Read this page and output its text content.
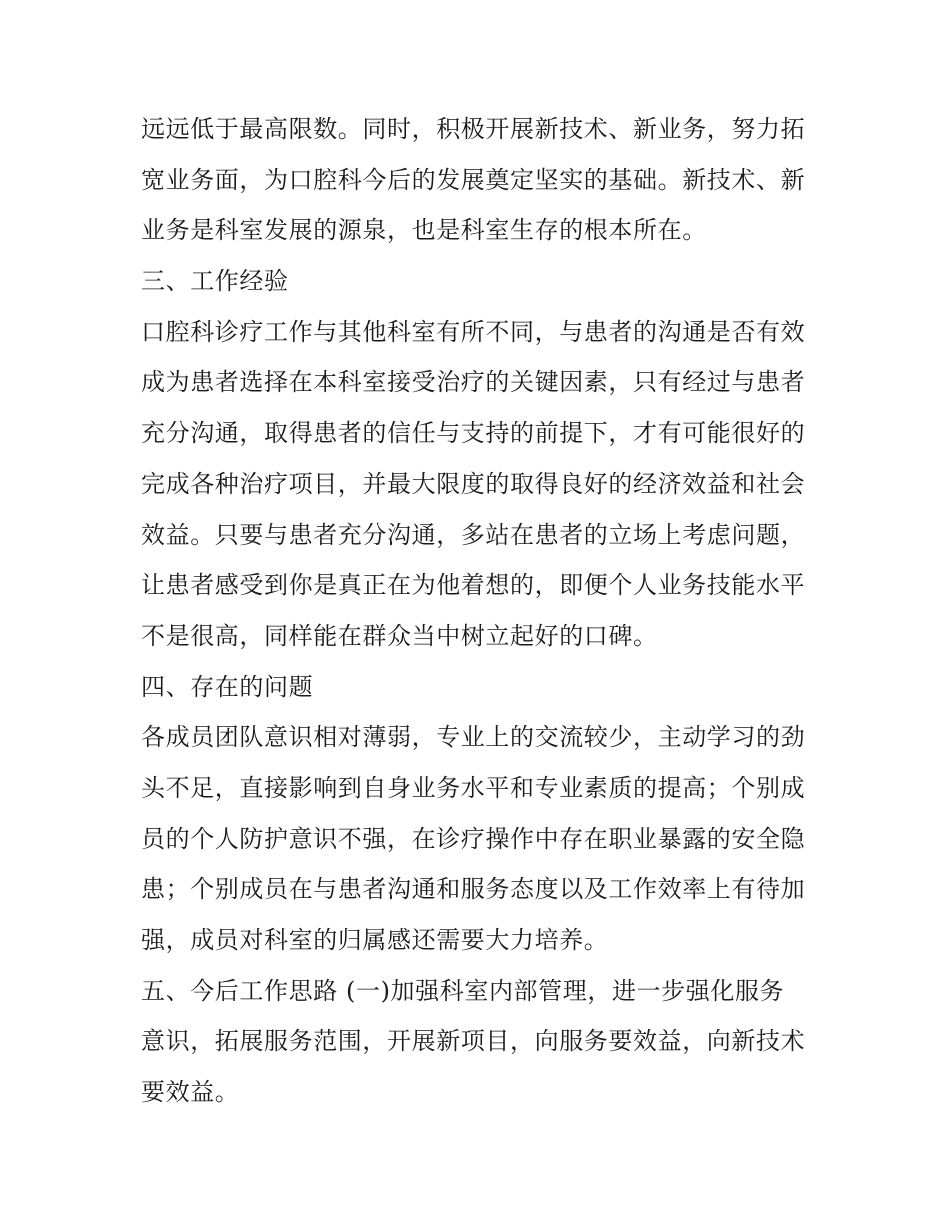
远远低于最高限数。同时，积极开展新技术、新业务，努力拓
宽业务面，为口腔科今后的发展奠定坚实的基础。新技术、新
业务是科室发展的源泉，也是科室生存的根本所在。
三、工作经验
口腔科诊疗工作与其他科室有所不同，与患者的沟通是否有效
成为患者选择在本科室接受治疗的关键因素，只有经过与患者
充分沟通，取得患者的信任与支持的前提下，才有可能很好的
完成各种治疗项目，并最大限度的取得良好的经济效益和社会
效益。只要与患者充分沟通，多站在患者的立场上考虑问题，
让患者感受到你是真正在为他着想的，即便个人业务技能水平
不是很高，同样能在群众当中树立起好的口碑。
四、存在的问题
各成员团队意识相对薄弱，专业上的交流较少，主动学习的劲
头不足，直接影响到自身业务水平和专业素质的提高；个别成
员的个人防护意识不强，在诊疗操作中存在职业暴露的安全隐
患；个别成员在与患者沟通和服务态度以及工作效率上有待加
强，成员对科室的归属感还需要大力培养。
五、今后工作思路 (一)加强科室内部管理，进一步强化服务
意识，拓展服务范围，开展新项目，向服务要效益，向新技术
要效益。
